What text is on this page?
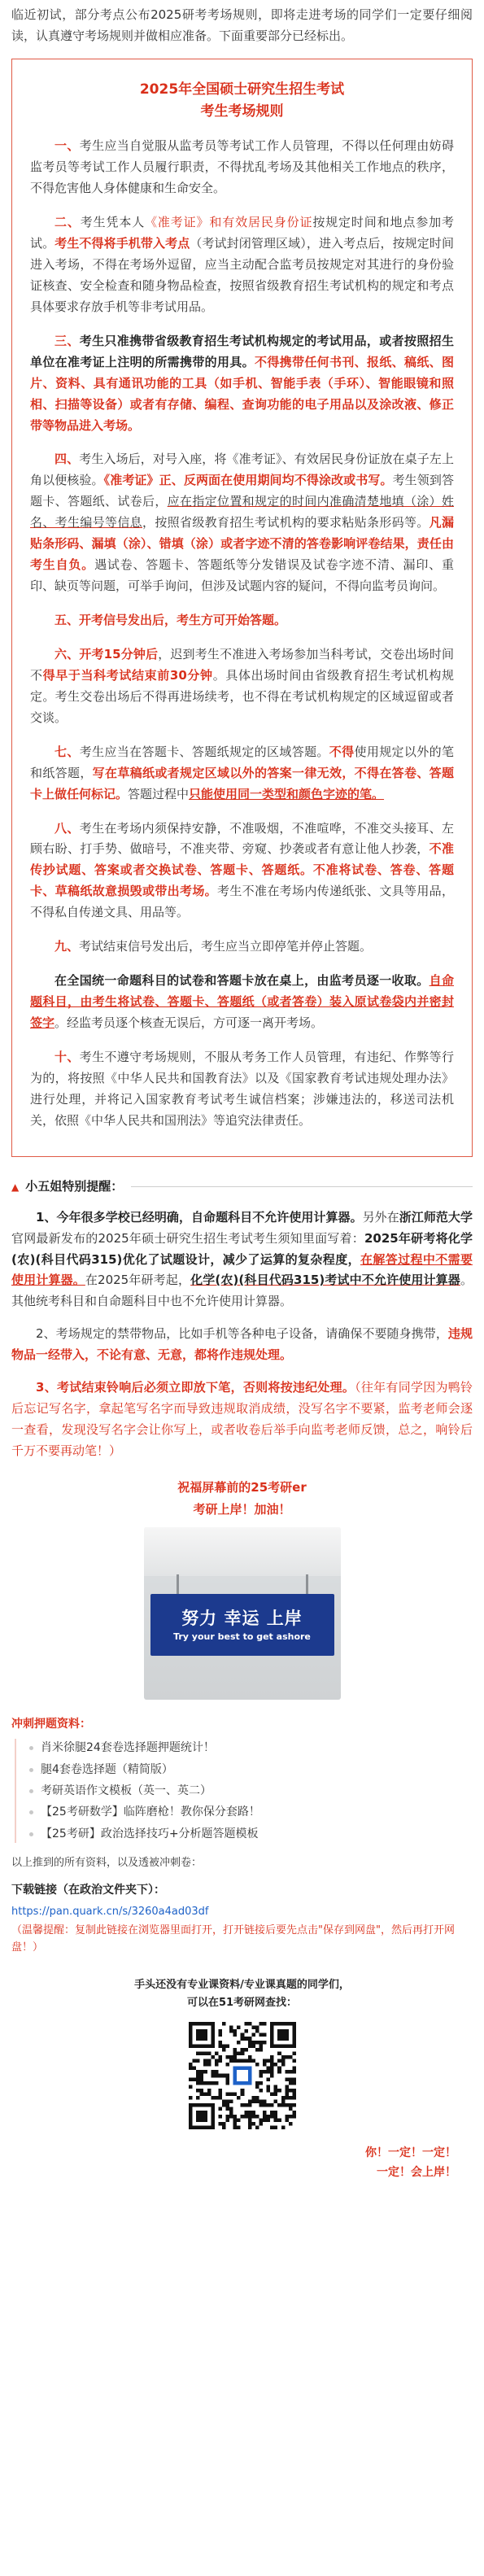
临近初试，部分考点公布2025研考考场规则，即将走进考场的同学们一定要仔细阅读，认真遵守考场规则并做相应准备。下面重要部分已经标出。

2025年全国硕士研究生招生考试
考生考场规则

一、考生应当自觉服从监考员等考试工作人员管理，不得以任何理由妨碍监考员等考试工作人员履行职责，不得扰乱考场及其他相关工作地点的秩序，不得危害他人身体健康和生命安全。

二、考生凭本人《准考证》和有效居民身份证按规定时间和地点参加考试。考生不得将手机带入考点（考试封闭管理区域），进入考点后，按规定时间进入考场，不得在考场外逗留，应当主动配合监考员按规定对其进行的身份验证核查、安全检查和随身物品检查，按照省级教育招生考试机构的规定和考点具体要求存放手机等非考试用品。

三、考生只准携带省级教育招生考试机构规定的考试用品，或者按照招生单位在准考证上注明的所需携带的用具。不得携带任何书刊、报纸、稿纸、图片、资料、具有通讯功能的工具（如手机、智能手表（手环）、智能眼镜和照相、扫描等设备）或者有存储、编程、查询功能的电子用品以及涂改液、修正带等物品进入考场。

四、考生入场后，对号入座，将《准考证》、有效居民身份证放在桌子左上角以便核验。《准考证》正、反两面在使用期间均不得涂改或书写。考生领到答题卡、答题纸、试卷后，应在指定位置和规定的时间内准确清楚地填（涂）姓名、考生编号等信息，按照省级教育招生考试机构的要求粘贴条形码等。凡漏贴条形码、漏填（涂）、错填（涂）或者字迹不清的答卷影响评卷结果，责任由考生自负。遇试卷、答题卡、答题纸等分发错误及试卷字迹不清、漏印、重印、缺页等问题，可举手询问，但涉及试题内容的疑问，不得向监考员询问。

五、开考信号发出后，考生方可开始答题。

六、开考15分钟后，迟到考生不准进入考场参加当科考试，交卷出场时间不得早于当科考试结束前30分钟。具体出场时间由省级教育招生考试机构规定。考生交卷出场后不得再进场续考，也不得在考试机构规定的区域逗留或者交谈。

七、考生应当在答题卡、答题纸规定的区域答题。不得使用规定以外的笔和纸答题，写在草稿纸或者规定区域以外的答案一律无效，不得在答卷、答题卡上做任何标记。答题过程中只能使用同一类型和颜色字迹的笔。

八、考生在考场内须保持安静，不准吸烟，不准喧哗，不准交头接耳、左顾右盼、打手势、做暗号，不准夹带、旁窥、抄袭或者有意让他人抄袭，不准传抄试题、答案或者交换试卷、答题卡、答题纸。不准将试卷、答卷、答题卡、草稿纸故意损毁或带出考场。考生不准在考场内传递纸张、文具等用品，不得私自传递文具、用品等。

九、考试结束信号发出后，考生应当立即停笔并停止答题。

在全国统一命题科目的试卷和答题卡放在桌上，由监考员逐一收取。自命题科目，由考生将试卷、答题卡、答题纸（或者答卷）装入原试卷袋内并密封签字。经监考员逐个核查无误后，方可逐一离开考场。

十、考生不遵守考场规则，不服从考务工作人员管理，有违纪、作弊等行为的，将按照《中华人民共和国教育法》以及《国家教育考试违规处理办法》进行处理，并将记入国家教育考试考生诚信档案；涉嫌违法的，移送司法机关，依照《中华人民共和国刑法》等追究法律责任。

▲ 小五姐特别提醒：

1、今年很多学校已经明确，自命题科目不允许使用计算器。另外在浙江师范大学官网最新发布的2025年硕士研究生招生考试考生须知里面写着：2025年研考将化学(农)(科目代码315)优化了试题设计，减少了运算的复杂程度，在解答过程中不需要使用计算器。在2025年研考起，化学(农)(科目代码315)考试中不允许使用计算器。其他统考科目和自命题科目中也不允许使用计算器。

2、考场规定的禁带物品，比如手机等各种电子设备，请确保不要随身携带，违规物品一经带入，不论有意、无意，都将作违规处理。

3、考试结束铃响后必须立即放下笔，否则将按违纪处理。（往年有同学因为鸭铃后忘记写名字，拿起笔写名字而导致违规取消成绩，没写名字不要紧，监考老师会逐一查看，发现没写名字会让你写上，或者收卷后举手向监考老师反馈，总之，响铃后千万不要再动笔！）

祝福屏幕前的25考研er
考研上岸！加油！
努力 幸运 上岸
Try your best to get ashore
冲刺押题资料：
肖米徐腿24套卷选择题押题统计！
腿4套卷选择题（精简版）
考研英语作文模板（英一、英二）
【25考研数学】临阵磨枪！教你保分套路！
【25考研】政治选择技巧+分析题答题模板
以上推到的所有资料，以及透被冲刺卷：
下载链接（在政治文件夹下）：
https://pan.quark.cn/s/3260a4ad03df
（温馨提醒：复制此链接在浏览器里面打开，打开链接后要先点击"保存到网盘"，然后再打开网盘！）
手头还没有专业课资料/专业课真题的同学们，
可以在51考研网查找：
你！一定！一定！
一定！会上岸！
